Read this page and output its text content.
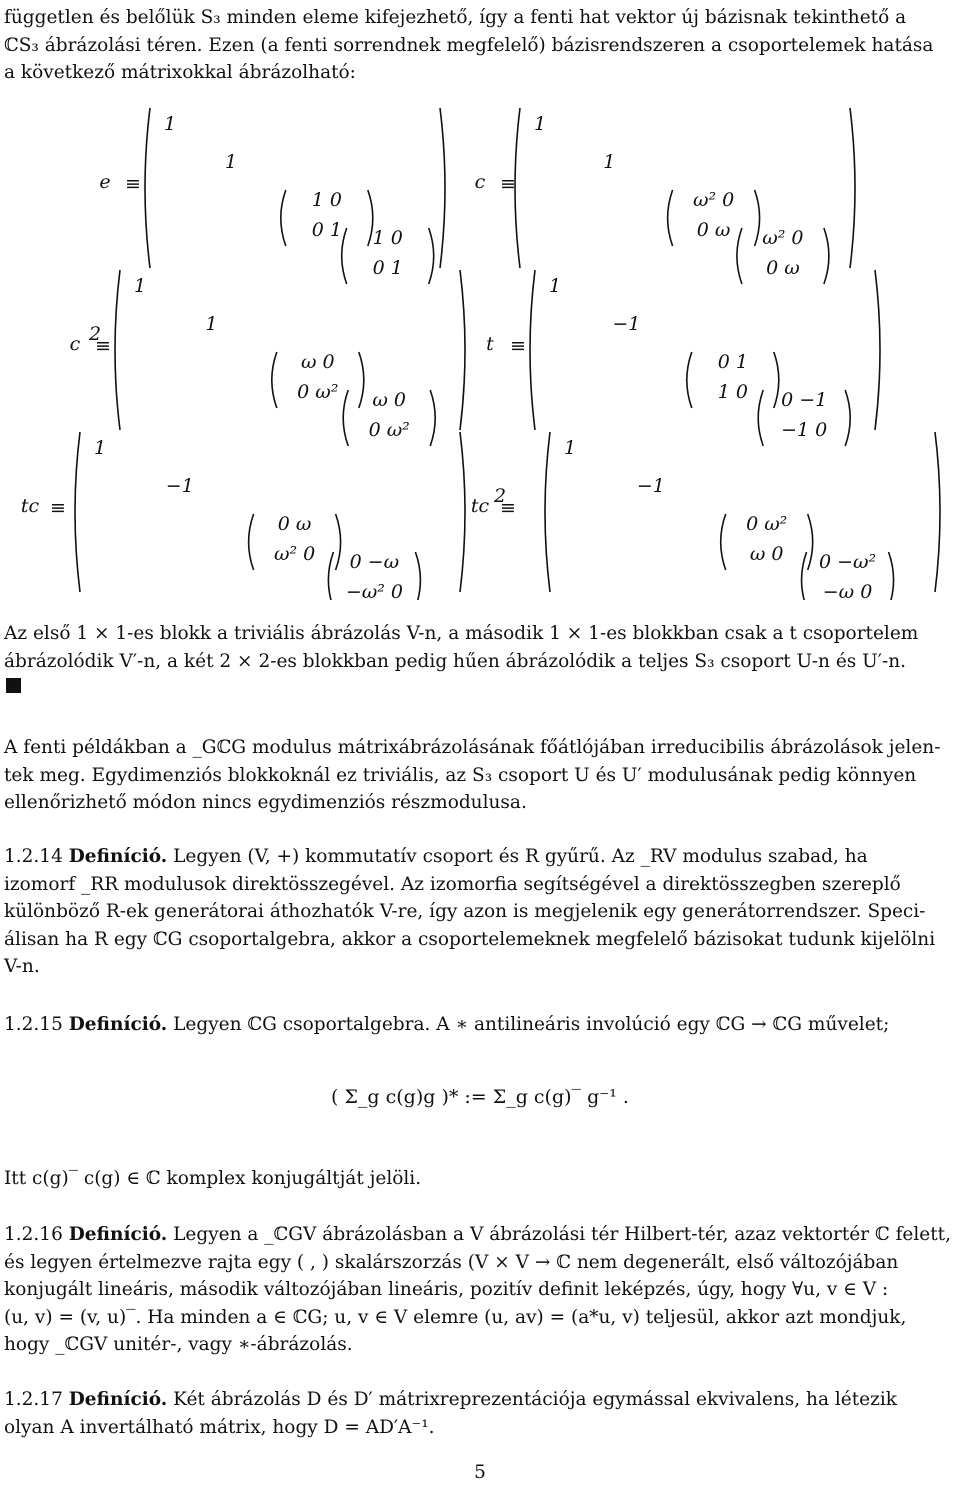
független és belőlük S₃ minden eleme kifejezhető, így a fenti hat vektor új bázisnak tekinthető a
ℂS₃ ábrázolási téren. Ezen (a fenti sorrendnek megfelelő) bázisrendszeren a csoportelemek hatása
a következő mátrixokkal ábrázolható:

e ≡
1
1
1 0
0 1 1 0
0 1
c ≡
1
1
ω² 0
0 ω ω² 0
0 ω
c 2
≡
1
1
ω 0
0 ω² ω 0
0 ω²
t ≡
1
−1
0 1
1 0 0 −1
−1 0
tc ≡
1
−1
0 ω
ω² 0 0 −ω
−ω² 0
tc 2
≡
1
−1
0 ω²
ω 0 0 −ω²
−ω 0

Az első 1 × 1-es blokk a triviális ábrázolás V-n, a második 1 × 1-es blokkban csak a t csoportelem
ábrázolódik V′-n, a két 2 × 2-es blokkban pedig hűen ábrázolódik a teljes S₃ csoport U-n és U′-n.

A fenti példákban a _GℂG modulus mátrixábrázolásának főátlójában irreducibilis ábrázolások jelen-
tek meg. Egydimenziós blokkoknál ez triviális, az S₃ csoport U és U′ modulusának pedig könnyen
ellenőrizhető módon nincs egydimenziós részmodulusa.

1.2.14 Definíció. Legyen (V, +) kommutatív csoport és R gyűrű. Az _RV modulus szabad, ha
izomorf _RR modulusok direktösszegével. Az izomorfia segítségével a direktösszegben szereplő
különböző R-ek generátorai áthozhatók V-re, így azon is megjelenik egy generátorrendszer. Speci-
álisan ha R egy ℂG csoportalgebra, akkor a csoportelemeknek megfelelő bázisokat tudunk kijelölni
V-n.

1.2.15 Definíció. Legyen ℂG csoportalgebra. A ∗ antilineáris involúció egy ℂG → ℂG művelet;

( Σ_g c(g)g )* := Σ_g c(g)‾ g⁻¹ .

Itt c(g)‾ c(g) ∈ ℂ komplex konjugáltját jelöli.

1.2.16 Definíció. Legyen a _ℂGV ábrázolásban a V ábrázolási tér Hilbert-tér, azaz vektortér ℂ felett,
és legyen értelmezve rajta egy ( , ) skalárszorzás (V × V → ℂ nem degenerált, első változójában
konjugált lineáris, második változójában lineáris, pozitív definit leképzés, úgy, hogy ∀u, v ∈ V :
(u, v) = (v, u)‾. Ha minden a ∈ ℂG; u, v ∈ V elemre (u, av) = (a*u, v) teljesül, akkor azt mondjuk,
hogy _ℂGV unitér-, vagy ∗-ábrázolás.

1.2.17 Definíció. Két ábrázolás D és D′ mátrixreprezentációja egymással ekvivalens, ha létezik
olyan A invertálható mátrix, hogy D = AD′A⁻¹.

5
